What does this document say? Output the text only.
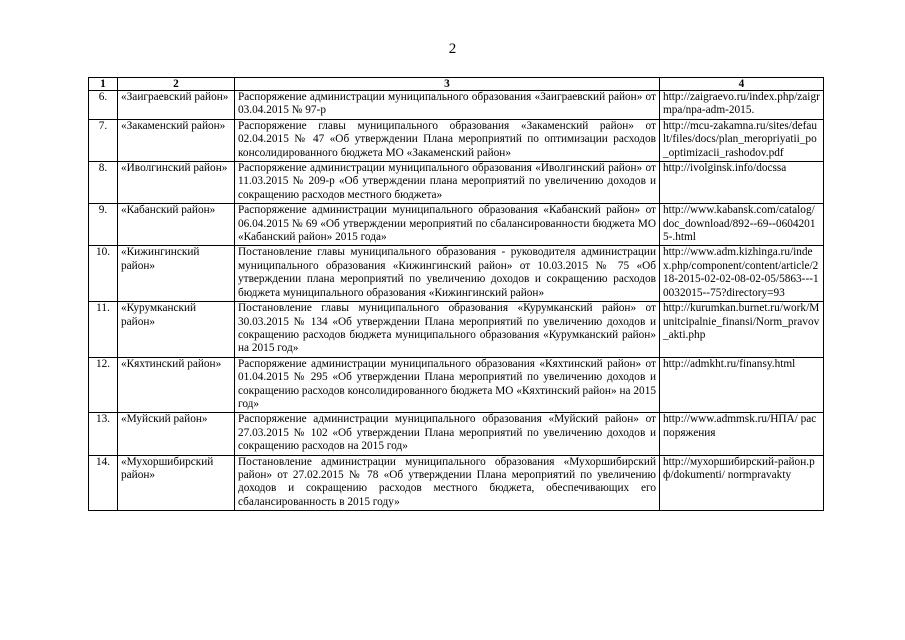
2
1	2	3	4
6.	«Заиграевский район»	Распоряжение администрации муниципального образования «Заиграевский район» от 03.04.2015 № 97-р	http://zaigraevo.ru/index.php/zaigrmpa/npa-adm-2015.
7.	«Закаменский район»	Распоряжение главы муниципального образования «Закаменский район» от 02.04.2015 № 47 «Об утверждении Плана мероприятий по оптимизации расходов консолидированного бюджета МО «Закаменский район»	http://mcu-zakamna.ru/sites/default/files/docs/plan_meropriyatii_po_optimizacii_rashodov.pdf
8.	«Иволгинский район»	Распоряжение администрации муниципального образования «Иволгинский район» от 11.03.2015 № 209-р «Об утверждении плана мероприятий по увеличению доходов и сокращению расходов местного бюджета»	http://ivolginsk.info/docssa
9.	«Кабанский район»	Распоряжение администрации муниципального образования «Кабанский район» от 06.04.2015 № 69 «Об утверждении мероприятий по сбалансированности бюджета МО «Кабанский район» 2015 года»	http://www.kabansk.com/catalog/doc_download/892--69--06042015-.html
10.	«Кижингинский район»	Постановление главы муниципального образования - руководителя администрации муниципального образования «Кижингинский район» от 10.03.2015 № 75 «Об утверждении плана мероприятий по увеличению доходов и сокращению расходов бюджета муниципального образования «Кижингинский район»	http://www.adm.kizhinga.ru/index.php/component/content/article/218-2015-02-02-08-02-05/5863---10032015--75?directory=93
11.	«Курумканский район»	Постановление главы муниципального образования «Курумканский район» от 30.03.2015 № 134 «Об утверждении Плана мероприятий по увеличению доходов и сокращению расходов бюджета муниципального образования «Курумканский район» на 2015 год»	http://kurumkan.burnet.ru/work/Munitcipalnie_finansi/Norm_pravov_akti.php
12.	«Кяхтинский район»	Распоряжение администрации муниципального образования «Кяхтинский район» от 01.04.2015 № 295 «Об утверждении Плана мероприятий по увеличению доходов и сокращению расходов консолидированного бюджета МО «Кяхтинский район» на 2015 год»	http://admkht.ru/finansy.html
13.	«Муйский район»	Распоряжение администрации муниципального образования «Муйский район» от 27.03.2015 № 102 «Об утверждении Плана мероприятий по увеличению доходов и сокращению расходов на 2015 год»	http://www.admmsk.ru/НПА/ распоряжения
14.	«Мухоршибирский район»	Постановление администрации муниципального образования «Мухоршибирский район» от 27.02.2015 № 78 «Об утверждении Плана мероприятий по увеличению доходов и сокращению расходов местного бюджета, обеспечивающих его сбалансированность в 2015 году»	http://мухоршибирский-район.рф/dokumenti/ normpravakty
